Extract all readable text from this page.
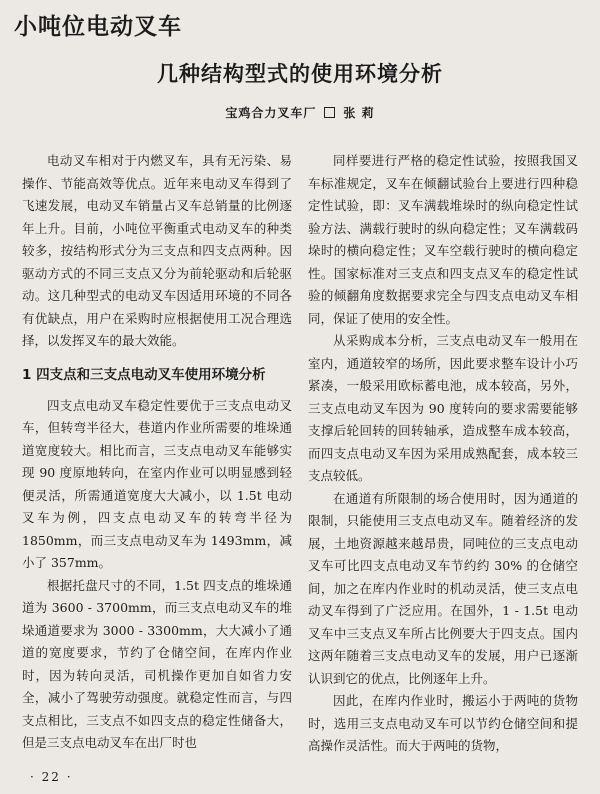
小吨位电动叉车
几种结构型式的使用环境分析
宝鸡合力叉车厂 张 莉

电动叉车相对于内燃叉车，具有无污染、易操作、节能高效等优点。近年来电动叉车得到了飞速发展，电动叉车销量占叉车总销量的比例逐年上升。目前，小吨位平衡重式电动叉车的种类较多，按结构形式分为三支点和四支点两种。因驱动方式的不同三支点又分为前轮驱动和后轮驱动。这几种型式的电动叉车因适用环境的不同各有优缺点，用户在采购时应根据使用工况合理选择，以发挥叉车的最大效能。

1 四支点和三支点电动叉车使用环境分析

四支点电动叉车稳定性要优于三支点电动叉车，但转弯半径大，巷道内作业所需要的堆垛通道宽度较大。相比而言，三支点电动叉车能够实现 90 度原地转向，在室内作业可以明显感到轻便灵活，所需通道宽度大大减小，以 1.5t 电动叉车为例，四支点电动叉车的转弯半径为 1850mm，而三支点电动叉车为 1493mm，减小了 357mm。

根据托盘尺寸的不同，1.5t 四支点的堆垛通道为 3600 - 3700mm，而三支点电动叉车的堆垛通道要求为 3000 - 3300mm，大大减小了通道的宽度要求，节约了仓储空间，在库内作业时，因为转向灵活，司机操作更加自如省力安全，减小了驾驶劳动强度。就稳定性而言，与四支点相比，三支点不如四支点的稳定性储备大，但是三支点电动叉车在出厂时也

同样要进行严格的稳定性试验，按照我国叉车标准规定，叉车在倾翻试验台上要进行四种稳定性试验，即：叉车满载堆垛时的纵向稳定性试验方法、满载行驶时的纵向稳定性；叉车满载码垛时的横向稳定性；叉车空载行驶时的横向稳定性。国家标准对三支点和四支点叉车的稳定性试验的倾翻角度数据要求完全与四支点电动叉车相同，保证了使用的安全性。

从采购成本分析，三支点电动叉车一般用在室内，通道较窄的场所，因此要求整车设计小巧紧凑，一般采用欧标蓄电池，成本较高，另外，三支点电动叉车因为 90 度转向的要求需要能够支撑后轮回转的回转轴承，造成整车成本较高，而四支点电动叉车因为采用成熟配套，成本较三支点较低。

在通道有所限制的场合使用时，因为通道的限制，只能使用三支点电动叉车。随着经济的发展，土地资源越来越昂贵，同吨位的三支点电动叉车可比四支点电动叉车节约约 30% 的仓储空间，加之在库内作业时的机动灵活，使三支点电动叉车得到了广泛应用。在国外，1 - 1.5t 电动叉车中三支点叉车所占比例要大于四支点。国内这两年随着三支点电动叉车的发展，用户已逐渐认识到它的优点，比例逐年上升。

因此，在库内作业时，搬运小于两吨的货物时，选用三支点电动叉车可以节约仓储空间和提高操作灵活性。而大于两吨的货物，

· 22 ·
